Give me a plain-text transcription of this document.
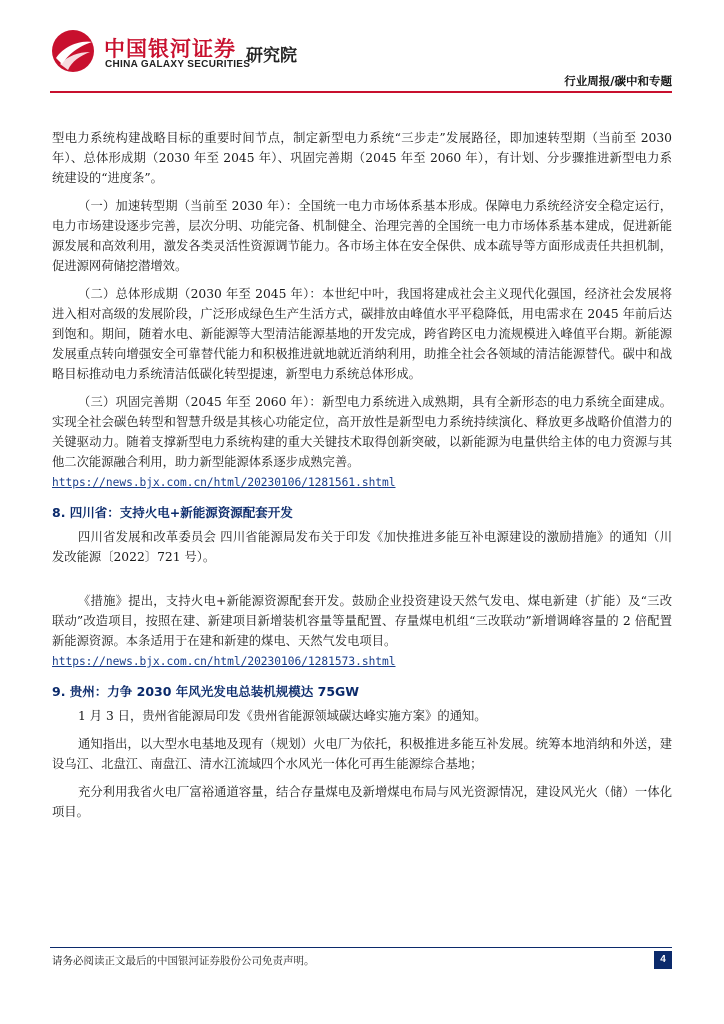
中国银河证券
CHINA GALAXY SECURITIES
研究院
行业周报/碳中和专题

型电力系统构建战略目标的重要时间节点，制定新型电力系统“三步走”发展路径，即加速转型期（当前至 2030 年）、总体形成期（2030 年至 2045 年）、巩固完善期（2045 年至 2060 年），有计划、分步骤推进新型电力系统建设的“进度条”。

（一）加速转型期（当前至 2030 年）：全国统一电力市场体系基本形成。保障电力系统经济安全稳定运行，电力市场建设逐步完善，层次分明、功能完备、机制健全、治理完善的全国统一电力市场体系基本建成，促进新能源发展和高效利用，激发各类灵活性资源调节能力。各市场主体在安全保供、成本疏导等方面形成责任共担机制，促进源网荷储挖潜增效。

（二）总体形成期（2030 年至 2045 年）：本世纪中叶，我国将建成社会主义现代化强国，经济社会发展将进入相对高级的发展阶段，广泛形成绿色生产生活方式，碳排放由峰值水平平稳降低，用电需求在 2045 年前后达到饱和。期间，随着水电、新能源等大型清洁能源基地的开发完成，跨省跨区电力流规模进入峰值平台期。新能源发展重点转向增强安全可靠替代能力和积极推进就地就近消纳利用，助推全社会各领域的清洁能源替代。碳中和战略目标推动电力系统清洁低碳化转型提速，新型电力系统总体形成。

（三）巩固完善期（2045 年至 2060 年）：新型电力系统进入成熟期，具有全新形态的电力系统全面建成。实现全社会碳色转型和智慧升级是其核心功能定位，高开放性是新型电力系统持续演化、释放更多战略价值潜力的关键驱动力。随着支撑新型电力系统构建的重大关键技术取得创新突破，以新能源为电量供给主体的电力资源与其他二次能源融合利用，助力新型能源体系逐步成熟完善。

https://news.bjx.com.cn/html/20230106/1281561.shtml
8. 四川省：支持火电+新能源资源配套开发

四川省发展和改革委员会 四川省能源局发布关于印发《加快推进多能互补电源建设的激励措施》的通知（川发改能源〔2022〕721 号）。

《措施》提出，支持火电+新能源资源配套开发。鼓励企业投资建设天然气发电、煤电新建（扩能）及“三改联动”改造项目，按照在建、新建项目新增装机容量等量配置、存量煤电机组“三改联动”新增调峰容量的 2 倍配置新能源资源。本条适用于在建和新建的煤电、天然气发电项目。

https://news.bjx.com.cn/html/20230106/1281573.shtml
9. 贵州：力争 2030 年风光发电总装机规模达 75GW

1 月 3 日，贵州省能源局印发《贵州省能源领域碳达峰实施方案》的通知。

通知指出，以大型水电基地及现有（规划）火电厂为依托，积极推进多能互补发展。统筹本地消纳和外送，建设乌江、北盘江、南盘江、清水江流域四个水风光一体化可再生能源综合基地；

充分利用我省火电厂富裕通道容量，结合存量煤电及新增煤电布局与风光资源情况，建设风光火（储）一体化项目。

请务必阅读正文最后的中国银河证券股份公司免责声明。	4
